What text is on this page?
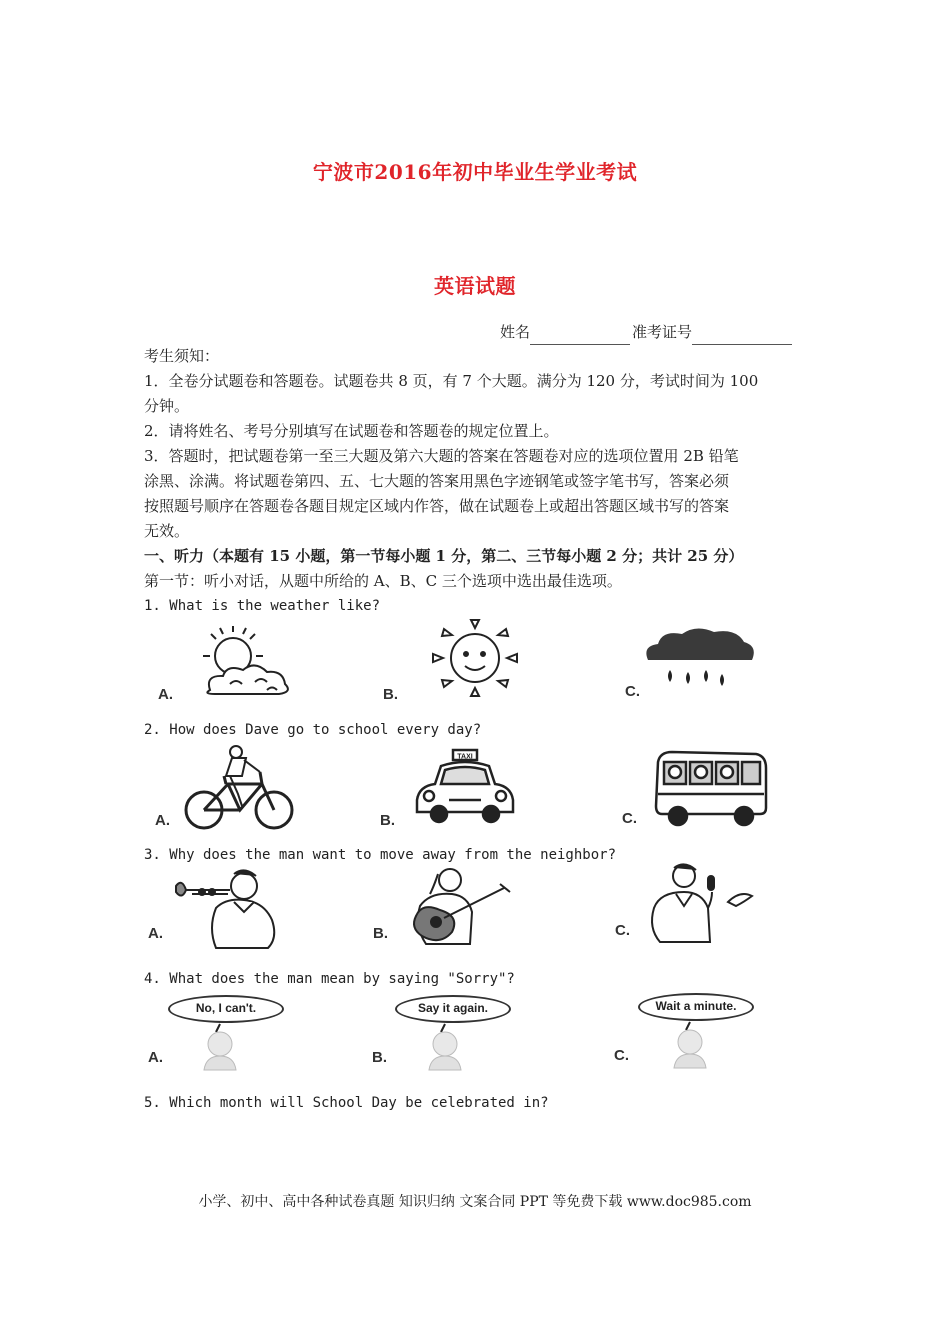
宁波市2016年初中毕业生学业考试
英语试题
姓名	准考证号
考生须知：
1．全卷分试题卷和答题卷。试题卷共 8 页，有 7 个大题。满分为 120 分，考试时间为 100
分钟。
2．请将姓名、考号分别填写在试题卷和答题卷的规定位置上。
3．答题时，把试题卷第一至三大题及第六大题的答案在答题卷对应的选项位置用 2B 铅笔
涂黑、涂满。将试题卷第四、五、七大题的答案用黑色字迹钢笔或签字笔书写，答案必须
按照题号顺序在答题卷各题目规定区域内作答，做在试题卷上或超出答题区域书写的答案
无效。
一、听力（本题有 15 小题，第一节每小题 1 分，第二、三节每小题 2 分；共计 25 分）
第一节：听小对话，从题中所给的 A、B、C 三个选项中选出最佳选项。
1. What is the weather like?
A.	B.	C.
2. How does Dave go to school every day?
A.
TAXI
B.	C.
3. Why does the man want to move away from the neighbor?
A.	B.	C.
4. What does the man mean by saying "Sorry"?
No, I can't.
A.
Say it again.
B.
Wait a minute.
C.
5. Which month will School Day be celebrated in?
小学、初中、高中各种试卷真题 知识归纳 文案合同 PPT 等免费下载 www.doc985.com
